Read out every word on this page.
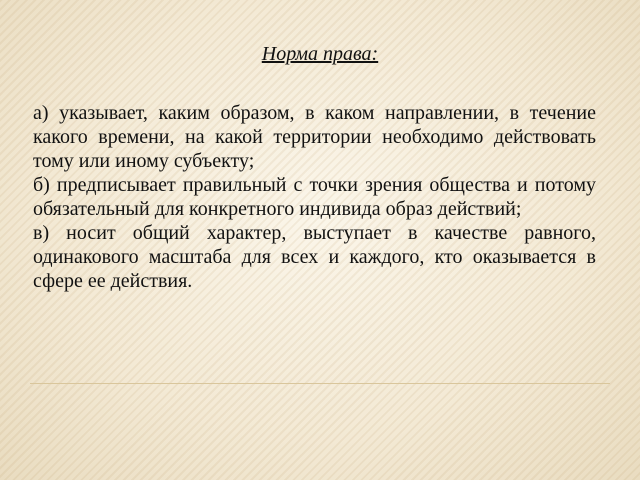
Норма права:

а) указывает, каким образом, в каком направлении, в течение какого времени, на какой территории необходимо действовать тому или иному субъекту;

б) предписывает правильный с точки зрения общества и потому обязательный для конкретного индивида образ действий;

в) носит общий характер, выступает в качестве равного, одинакового масштаба для всех и каждого, кто оказывается в сфере ее действия.
